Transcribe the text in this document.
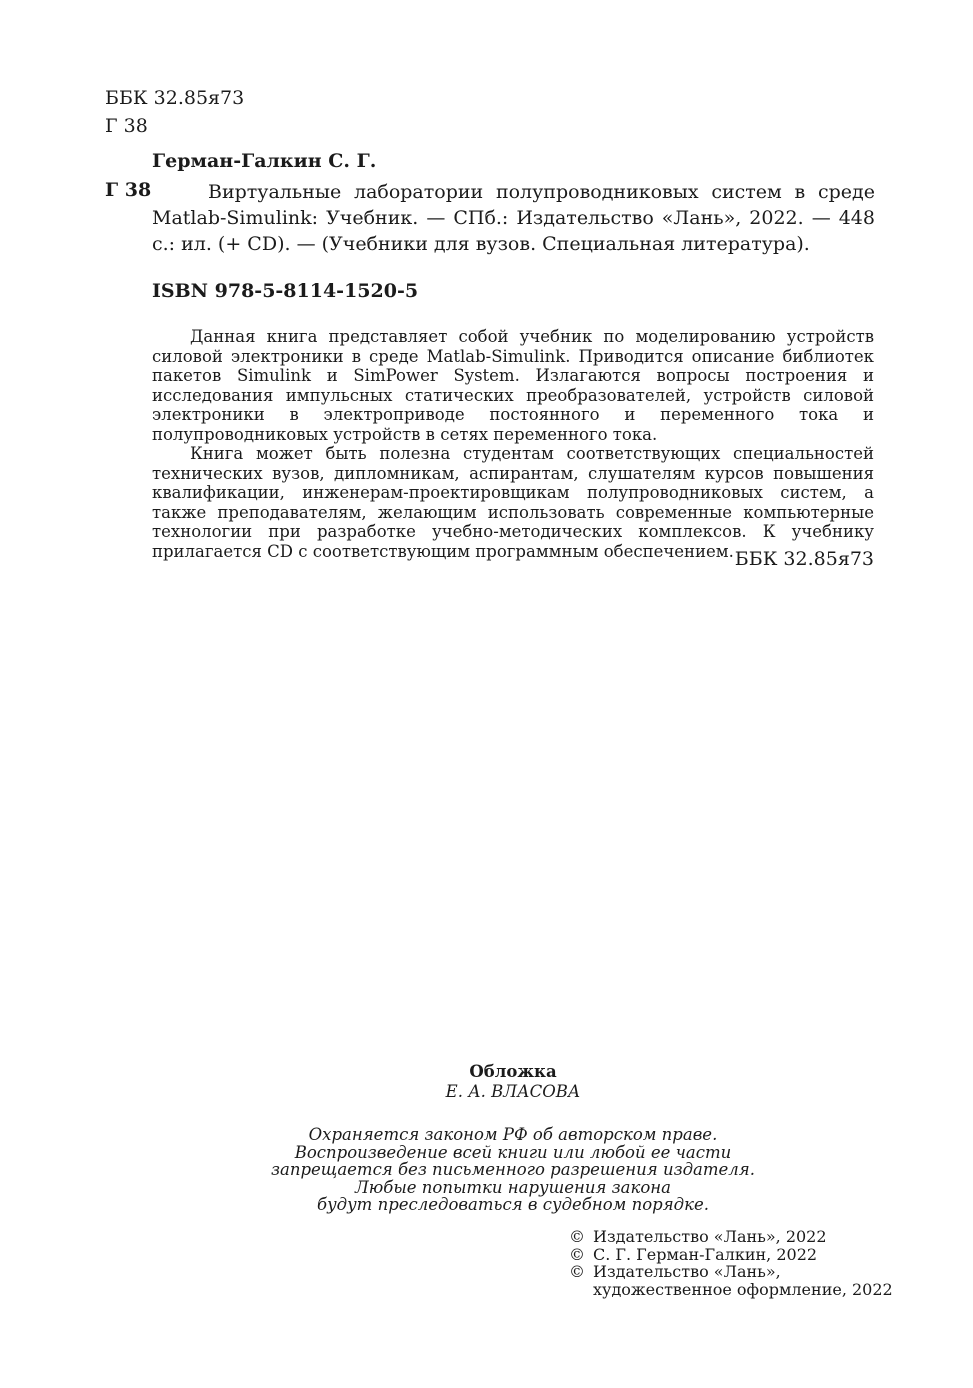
ББК 32.85я73
Г 38
Герман-Галкин С. Г.
Г 38	Виртуальные лаборатории полупроводниковых систем в среде Matlab-Simulink: Учебник. — СПб.: Издательство «Лань», 2022. — 448 с.: ил. (+ CD). — (Учебники для вузов. Специальная литература).
ISBN 978-5-8114-1520-5

Данная книга представляет собой учебник по моделированию устройств силовой электроники в среде Matlab-Simulink. Приводится описание библиотек пакетов Simulink и SimPower System. Излагаются вопросы построения и исследования импульсных статических преобразователей, устройств силовой электроники в электроприводе постоянного и переменного тока и полупроводниковых устройств в сетях переменного тока.

Книга может быть полезна студентам соответствующих специальностей технических вузов, дипломникам, аспирантам, слушателям курсов повышения квалификации, инженерам-проектировщикам полупроводниковых систем, а также преподавателям, желающим использовать современные компьютерные технологии при разработке учебно-методических комплексов. К учебнику прилагается CD с соответствующим программным обеспечением. ББК 32.85я73
Обложка
Е. А. ВЛАСОВА
Охраняется законом РФ об авторском праве.
Воспроизведение всей книги или любой ее части
запрещается без письменного разрешения издателя.
Любые попытки нарушения закона
будут преследоваться в судебном порядке.
© Издательство «Лань», 2022
© С. Г. Герман-Галкин, 2022
© Издательство «Лань»,
художественное оформление, 2022
